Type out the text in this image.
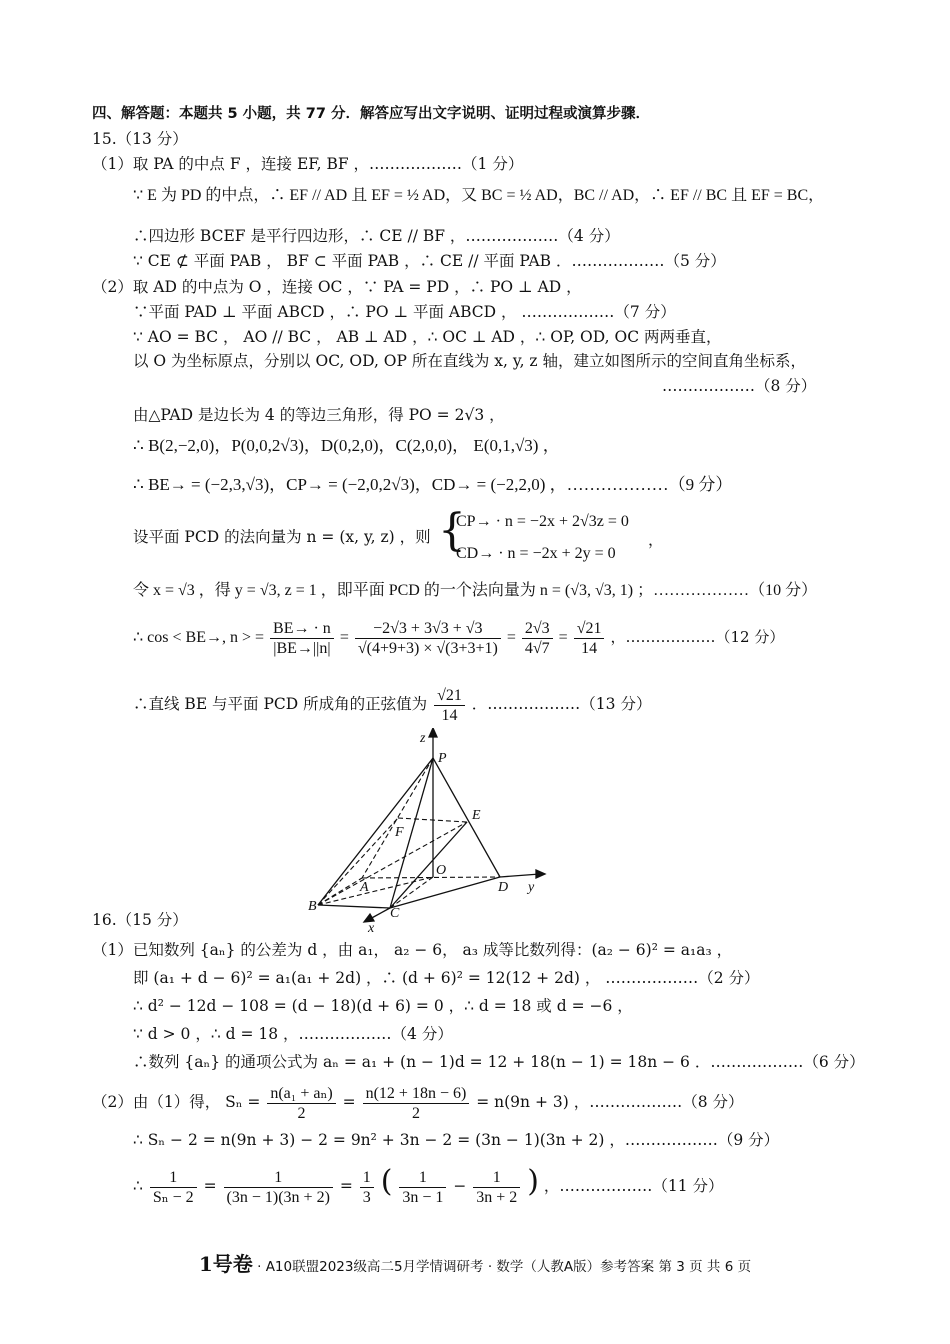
四、解答题：本题共 5 小题，共 77 分．解答应写出文字说明、证明过程或演算步骤．
15.（13 分）
（1）取 PA 的中点 F ，连接 EF, BF ，………………（1 分）
∵ E 为 PD 的中点，∴ EF // AD 且 EF = ½ AD，又 BC = ½ AD，BC // AD，∴ EF // BC 且 EF = BC，
∴四边形 BCEF 是平行四边形，∴ CE // BF ，………………（4 分）
∵ CE ⊄ 平面 PAB ， BF ⊂ 平面 PAB ，∴ CE // 平面 PAB ．………………（5 分）
（2）取 AD 的中点为 O ，连接 OC ，∵ PA = PD ，∴ PO ⊥ AD ，
∵平面 PAD ⊥ 平面 ABCD ，∴ PO ⊥ 平面 ABCD ， ………………（7 分）
∵ AO = BC ， AO // BC ， AB ⊥ AD ，∴ OC ⊥ AD ，∴ OP, OD, OC 两两垂直，
以 O 为坐标原点，分别以 OC, OD, OP 所在直线为 x, y, z 轴，建立如图所示的空间直角坐标系，
………………（8 分）
由△PAD 是边长为 4 的等边三角形，得 PO = 2√3 ，
∴ B(2,−2,0)，P(0,0,2√3)，D(0,2,0)，C(2,0,0)， E(0,1,√3) ，
∴ BE→ = (−2,3,√3)，CP→ = (−2,0,2√3)，CD→ = (−2,2,0) ，………………（9 分）
设平面 PCD 的法向量为 n = (x, y, z) ，则 {
CP→ · n = −2x + 2√3z = 0
CD→ · n = −2x + 2y = 0
，
令 x = √3 ，得 y = √3, z = 1 ，即平面 PCD 的一个法向量为 n = (√3, √3, 1) ；………………（10 分）
∴ cos < BE→, n > = $\frac{BE\to \cdot n}{|BE\to||n|} = \frac{-2√3 + 3√3 + √3}{√(4+9+3) \times √(3+3+1)} = \frac{2√3}{4√7} = \frac{√21}{14}$ ，………………（12 分）
∴直线 BE 与平面 PCD 所成角的正弦值为 $\frac{√21}{14}$ ．………………（13 分）
z
P
E
F
O
A	D y
B	C
x
16.（15 分）
（1）已知数列 {aₙ} 的公差为 d ，由 a₁， a₂ − 6， a₃ 成等比数列得：(a₂ − 6)² = a₁a₃ ，
即 (a₁ + d − 6)² = a₁(a₁ + 2d) ，∴ (d + 6)² = 12(12 + 2d) ， ………………（2 分）
∴ d² − 12d − 108 = (d − 18)(d + 6) = 0 ，∴ d = 18 或 d = −6 ，
∵ d > 0 ，∴ d = 18 ，………………（4 分）
∴数列 {aₙ} 的通项公式为 aₙ = a₁ + (n − 1)d = 12 + 18(n − 1) = 18n − 6 ．………………（6 分）
（2）由（1）得， $S_n = \frac{\text{n(a₁ + aₙ)}}{2} = \frac{n(12 + 18n - 6)}{2} = n(9n + 3)$ ，………………（8 分）
∴ Sₙ − 2 = n(9n + 3) − 2 = 9n² + 3n − 2 = (3n − 1)(3n + 2) ，………………（9 分）
∴ $\frac{1}{\text{Sₙ − 2}} = \frac{1}{(3n - 1)(3n + 2)} = \frac{1}{3}$ ( $\frac{1}{3n - 1} - \frac{1}{3n + 2}$ ) ，………………（11 分）
1号卷 · A10联盟2023级高二5月学情调研考 · 数学（人教A版）参考答案 第 3 页 共 6 页
